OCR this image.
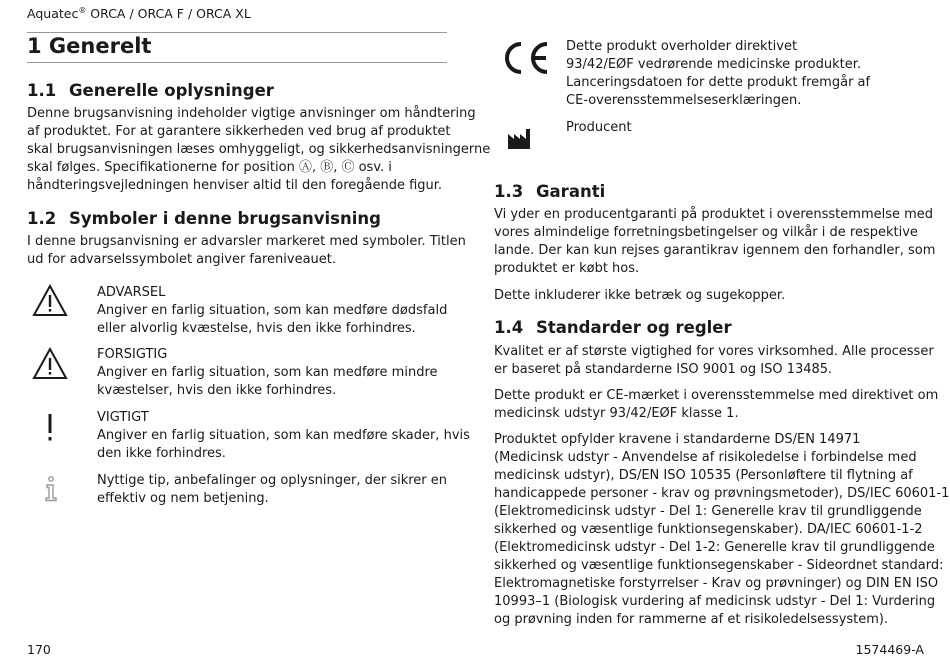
Aquatec® ORCA / ORCA F / ORCA XL
1 Generelt
1.1 Generelle oplysninger
Denne brugsanvisning indeholder vigtige anvisninger om håndtering
af produktet. For at garantere sikkerheden ved brug af produktet
skal brugsanvisningen læses omhyggeligt, og sikkerhedsanvisningerne
skal følges. Specifikationerne for position Ⓐ, Ⓑ, Ⓒ osv. i
håndteringsvejledningen henviser altid til den foregående figur.
1.2 Symboler i denne brugsanvisning
I denne brugsanvisning er advarsler markeret med symboler. Titlen
ud for advarselssymbolet angiver fareniveauet.
ADVARSEL
Angiver en farlig situation, som kan medføre dødsfald
eller alvorlig kvæstelse, hvis den ikke forhindres.
FORSIGTIG
Angiver en farlig situation, som kan medføre mindre
kvæstelser, hvis den ikke forhindres.
VIGTIGT
Angiver en farlig situation, som kan medføre skader, hvis
den ikke forhindres.
Nyttige tip, anbefalinger og oplysninger, der sikrer en
effektiv og nem betjening.
Dette produkt overholder direktivet
93/42/EØF vedrørende medicinske produkter.
Lanceringsdatoen for dette produkt fremgår af
CE-overensstemmelseserklæringen.
Producent
1.3 Garanti
Vi yder en producentgaranti på produktet i overensstemmelse med
vores almindelige forretningsbetingelser og vilkår i de respektive
lande. Der kan kun rejses garantikrav igennem den forhandler, som
produktet er købt hos.
Dette inkluderer ikke betræk og sugekopper.
1.4 Standarder og regler
Kvalitet er af største vigtighed for vores virksomhed. Alle processer
er baseret på standarderne ISO 9001 og ISO 13485.
Dette produkt er CE-mærket i overensstemmelse med direktivet om
medicinsk udstyr 93/42/EØF klasse 1.
Produktet opfylder kravene i standarderne DS/EN 14971
(Medicinsk udstyr - Anvendelse af risikoledelse i forbindelse med
medicinsk udstyr), DS/EN ISO 10535 (Personløftere til flytning af
handicappede personer - krav og prøvningsmetoder), DS/IEC 60601-1
(Elektromedicinsk udstyr - Del 1: Generelle krav til grundliggende
sikkerhed og væsentlige funktionsegenskaber). DA/IEC 60601-1-2
(Elektromedicinsk udstyr - Del 1-2: Generelle krav til grundliggende
sikkerhed og væsentlige funktionsegenskaber - Sideordnet standard:
Elektromagnetiske forstyrrelser - Krav og prøvninger) og DIN EN ISO
10993–1 (Biologisk vurdering af medicinsk udstyr - Del 1: Vurdering
og prøvning inden for rammerne af et risikoledelsessystem).
170	1574469-A
